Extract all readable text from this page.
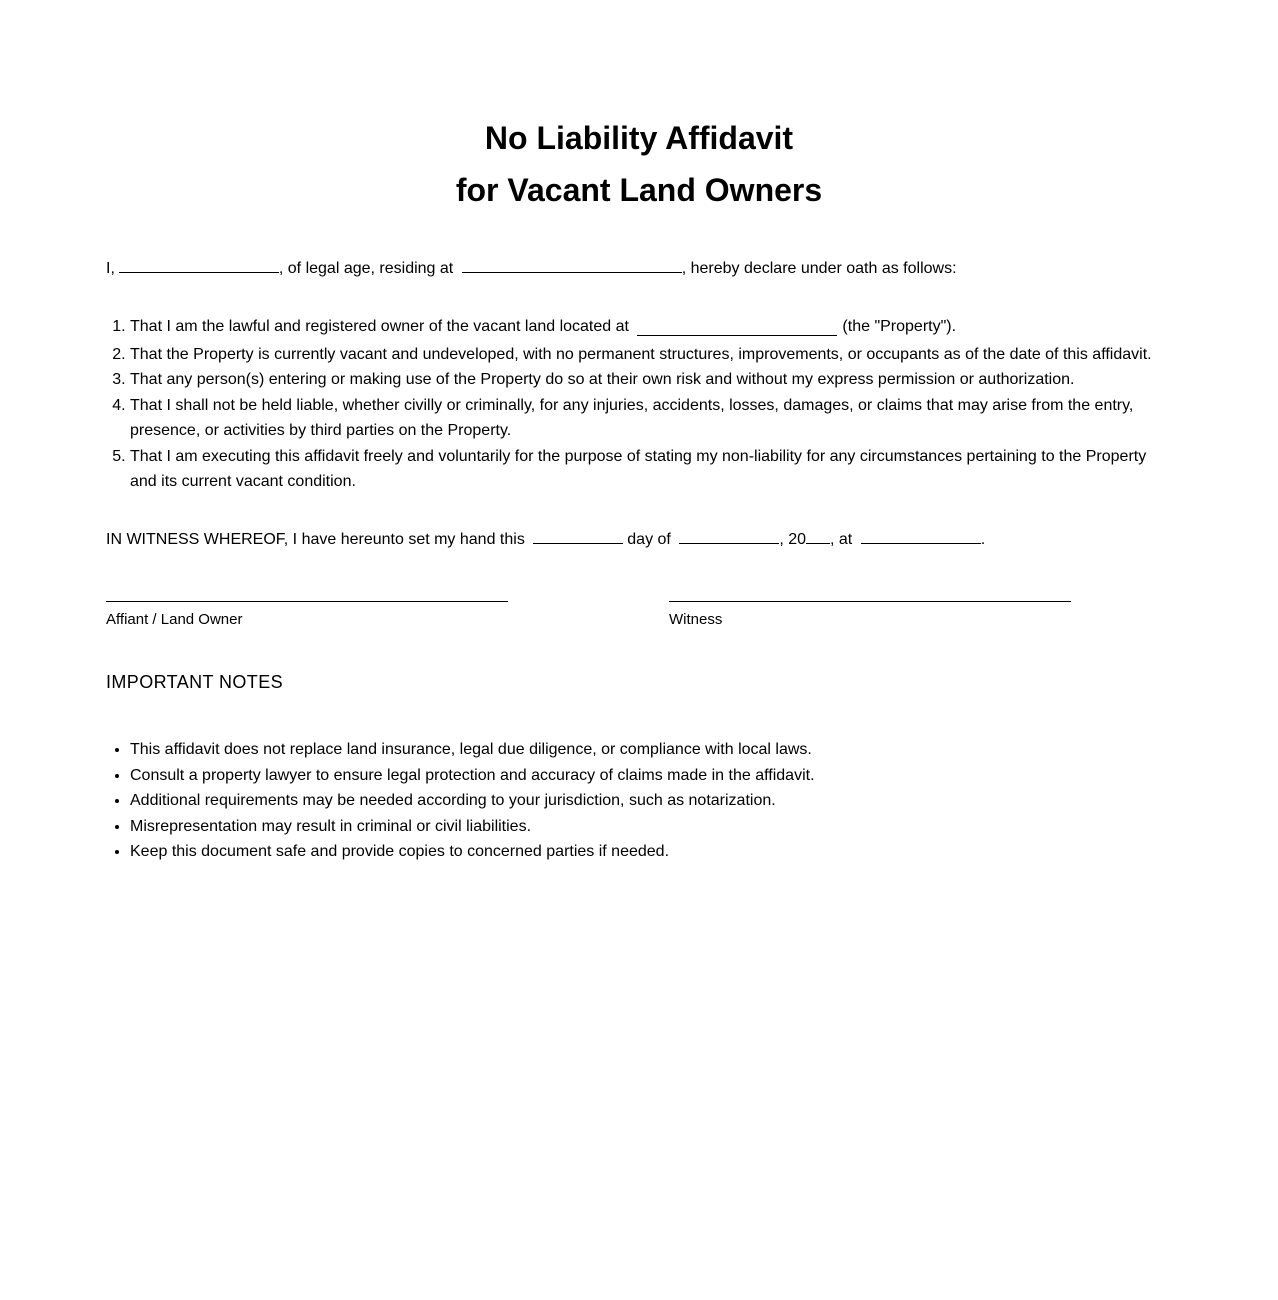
No Liability Affidavit
for Vacant Land Owners
I,	, of legal age, residing at	, hereby declare under oath as follows:
1. That I am the lawful and registered owner of the vacant land located at	(the "Property").
2. That the Property is currently vacant and undeveloped, with no permanent structures, improvements, or occupants as of the date of this affidavit.
3. That any person(s) entering or making use of the Property do so at their own risk and without my express permission or authorization.
4. That I shall not be held liable, whether civilly or criminally, for any injuries, accidents, losses, damages, or claims that may arise from the entry, presence, or activities by third parties on the Property.
5. That I am executing this affidavit freely and voluntarily for the purpose of stating my non-liability for any circumstances pertaining to the Property and its current vacant condition.
IN WITNESS WHEREOF, I have hereunto set my hand this	day of	, 20 , at	.
Affiant / Land Owner	Witness
IMPORTANT NOTES
• This affidavit does not replace land insurance, legal due diligence, or compliance with local laws.
• Consult a property lawyer to ensure legal protection and accuracy of claims made in the affidavit.
• Additional requirements may be needed according to your jurisdiction, such as notarization.
• Misrepresentation may result in criminal or civil liabilities.
• Keep this document safe and provide copies to concerned parties if needed.
